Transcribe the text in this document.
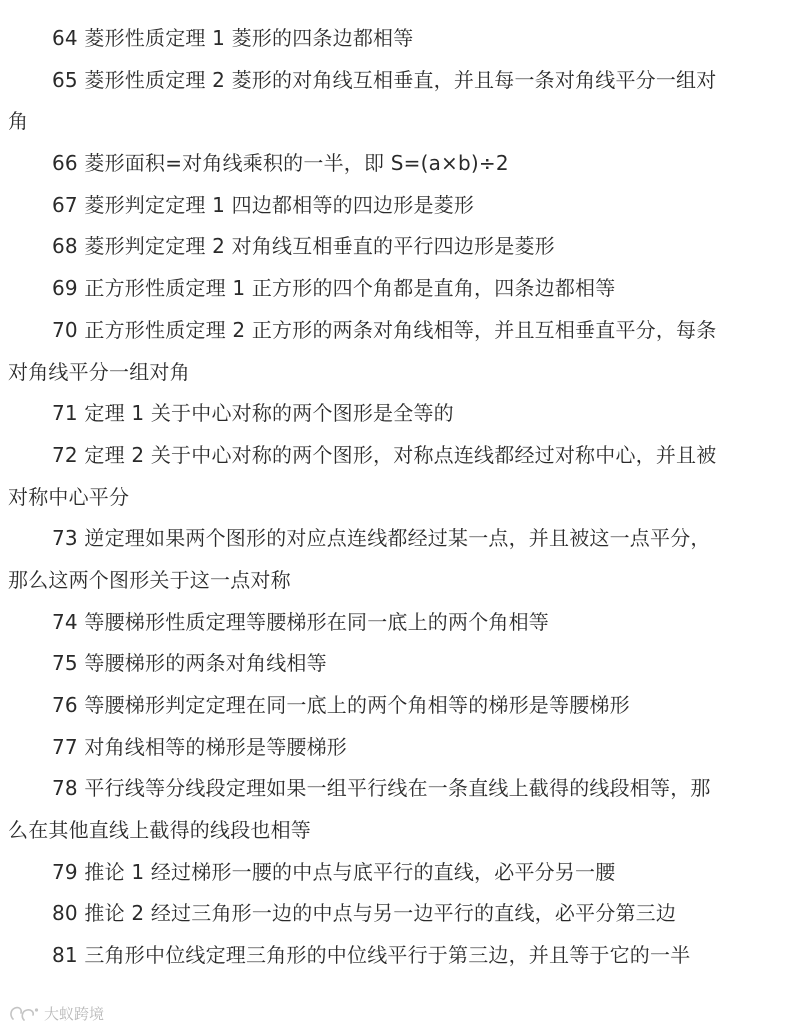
64 菱形性质定理 1 菱形的四条边都相等
65 菱形性质定理 2 菱形的对角线互相垂直，并且每一条对角线平分一组对
角
66 菱形面积=对角线乘积的一半，即 S=(a×b)÷2
67 菱形判定定理 1 四边都相等的四边形是菱形
68 菱形判定定理 2 对角线互相垂直的平行四边形是菱形
69 正方形性质定理 1 正方形的四个角都是直角，四条边都相等
70 正方形性质定理 2 正方形的两条对角线相等，并且互相垂直平分，每条
对角线平分一组对角
71 定理 1 关于中心对称的两个图形是全等的
72 定理 2 关于中心对称的两个图形，对称点连线都经过对称中心，并且被
对称中心平分
73 逆定理如果两个图形的对应点连线都经过某一点，并且被这一点平分，
那么这两个图形关于这一点对称
74 等腰梯形性质定理等腰梯形在同一底上的两个角相等
75 等腰梯形的两条对角线相等
76 等腰梯形判定定理在同一底上的两个角相等的梯形是等腰梯形
77 对角线相等的梯形是等腰梯形
78 平行线等分线段定理如果一组平行线在一条直线上截得的线段相等，那
么在其他直线上截得的线段也相等
79 推论 1 经过梯形一腰的中点与底平行的直线，必平分另一腰
80 推论 2 经过三角形一边的中点与另一边平行的直线，必平分第三边
81 三角形中位线定理三角形的中位线平行于第三边，并且等于它的一半
大蚁跨境
